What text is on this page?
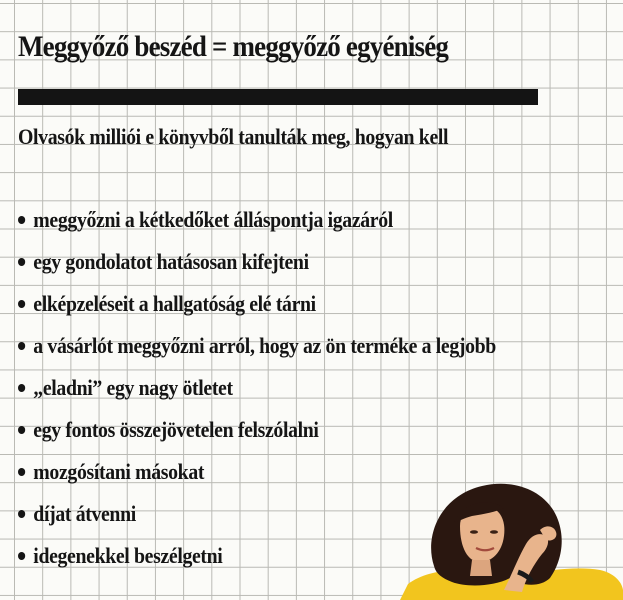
Meggyőző beszéd = meggyőző egyéniség

Olvasók milliói e könyvből tanulták meg, hogyan kell

meggyőzni a kétkedőket álláspontja igazáról
egy gondolatot hatásosan kifejteni
elképzeléseit a hallgatóság elé tárni
a vásárlót meggyőzni arról, hogy az ön terméke a legjobb
„eladni” egy nagy ötletet
egy fontos összejövetelen felszólalni
mozgósítani másokat
díjat átvenni
idegenekkel beszélgetni
